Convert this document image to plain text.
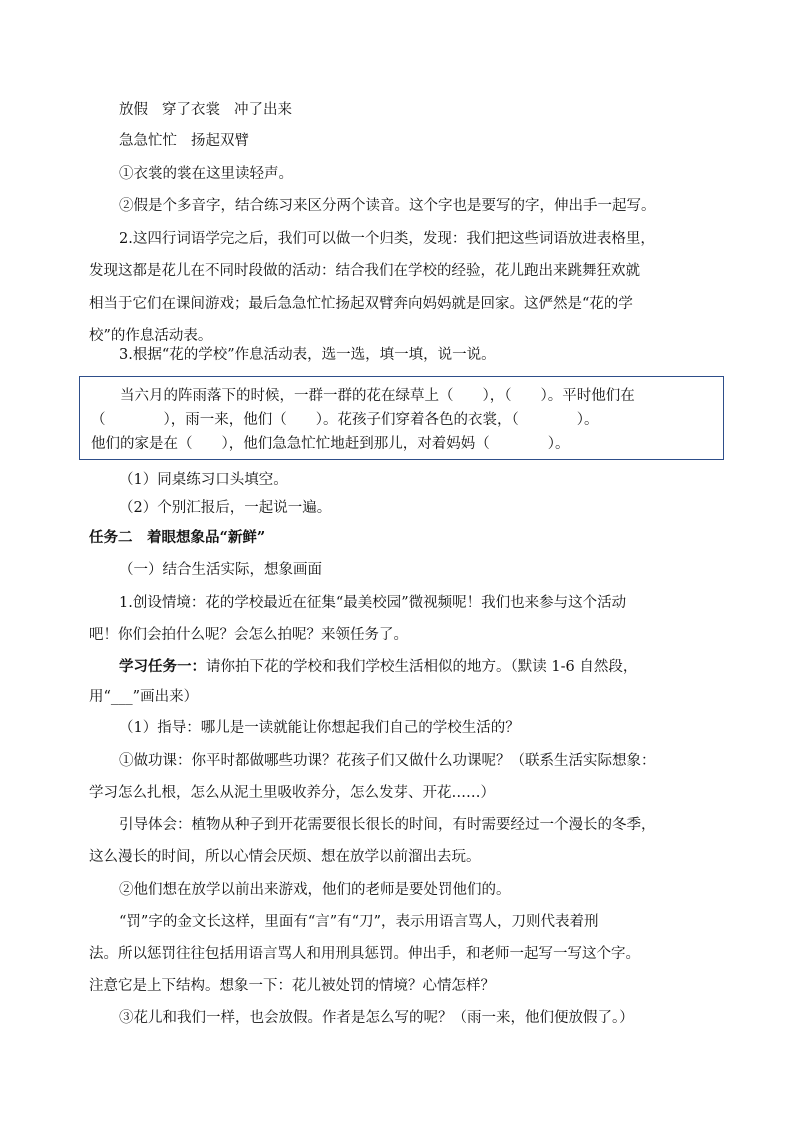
放假 穿了衣裳 冲了出来
急急忙忙 扬起双臂
①衣裳的裳在这里读轻声。
②假是个多音字，结合练习来区分两个读音。这个字也是要写的字，伸出手一起写。
2.这四行词语学完之后，我们可以做一个归类，发现：我们把这些词语放进表格里，
发现这都是花儿在不同时段做的活动：结合我们在学校的经验，花儿跑出来跳舞狂欢就
相当于它们在课间游戏；最后急急忙忙扬起双臂奔向妈妈就是回家。这俨然是“花的学
校”的作息活动表。
3.根据“花的学校”作息活动表，选一选，填一填，说一说。
当六月的阵雨落下的时候，一群一群的花在绿草上（　　），（　　）。平时他们在
（　　　　），雨一来，他们（　　）。花孩子们穿着各色的衣裳，（　　　　）。
他们的家是在（　　），他们急急忙忙地赶到那儿，对着妈妈（　　　　）。
（1）同桌练习口头填空。
（2）个别汇报后，一起说一遍。
任务二　着眼想象品“新鲜”
（一）结合生活实际，想象画面
1.创设情境：花的学校最近在征集“最美校园”微视频呢！我们也来参与这个活动
吧！你们会拍什么呢？会怎么拍呢？来领任务了。
学习任务一：请你拍下花的学校和我们学校生活相似的地方。（默读 1-6 自然段，
用“___”画出来）
（1）指导：哪儿是一读就能让你想起我们自己的学校生活的？
①做功课：你平时都做哪些功课？花孩子们又做什么功课呢？（联系生活实际想象：
学习怎么扎根，怎么从泥土里吸收养分，怎么发芽、开花……）
引导体会：植物从种子到开花需要很长很长的时间，有时需要经过一个漫长的冬季，
这么漫长的时间，所以心情会厌烦、想在放学以前溜出去玩。
②他们想在放学以前出来游戏，他们的老师是要处罚他们的。
“罚”字的金文长这样，里面有“言”有“刀”，表示用语言骂人，刀则代表着刑
法。所以惩罚往往包括用语言骂人和用刑具惩罚。伸出手，和老师一起写一写这个字。
注意它是上下结构。想象一下：花儿被处罚的情境？心情怎样？
③花儿和我们一样，也会放假。作者是怎么写的呢？（雨一来，他们便放假了。）
